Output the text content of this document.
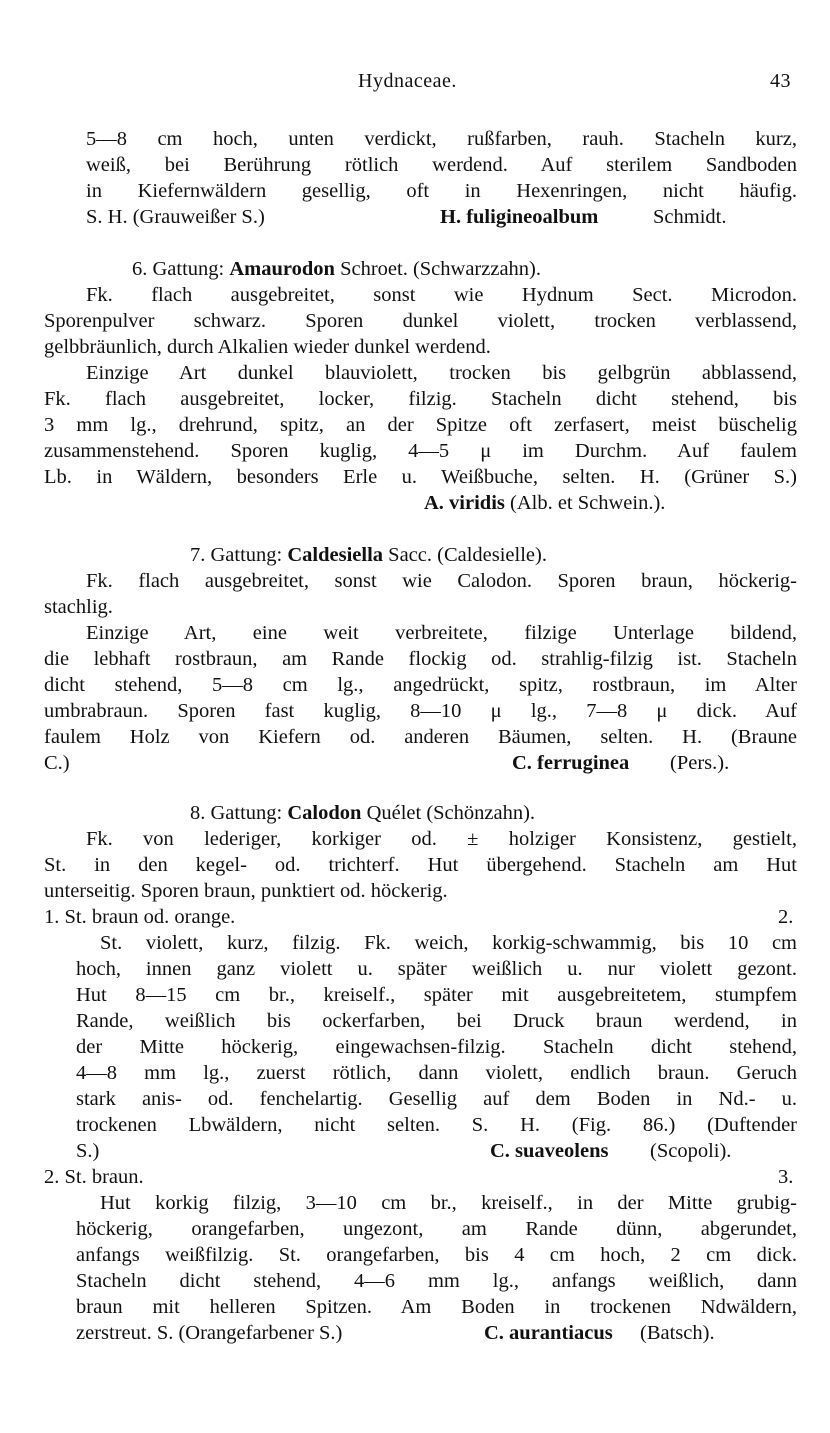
Hydnaceae.	43
5—8 cm hoch, unten verdickt, rußfarben, rauh. Stacheln kurz,
weiß, bei Berührung rötlich werdend. Auf sterilem Sandboden
in Kiefernwäldern gesellig, oft in Hexenringen, nicht häufig.
S. H. (Grauweißer S.)	H. fuligineoalbum	Schmidt.
6. Gattung: Amaurodon Schroet. (Schwarzzahn).
Fk. flach ausgebreitet, sonst wie Hydnum Sect. Microdon.
Sporenpulver schwarz. Sporen dunkel violett, trocken verblassend,
gelbbräunlich, durch Alkalien wieder dunkel werdend.
Einzige Art dunkel blauviolett, trocken bis gelbgrün abblassend,
Fk. flach ausgebreitet, locker, filzig. Stacheln dicht stehend, bis
3 mm lg., drehrund, spitz, an der Spitze oft zerfasert, meist büschelig
zusammenstehend. Sporen kuglig, 4—5 μ im Durchm. Auf faulem
Lb. in Wäldern, besonders Erle u. Weißbuche, selten. H. (Grüner S.)
A. viridis (Alb. et Schwein.).
7. Gattung: Caldesiella Sacc. (Caldesielle).
Fk. flach ausgebreitet, sonst wie Calodon. Sporen braun, höckerig-
stachlig.
Einzige Art, eine weit verbreitete, filzige Unterlage bildend,
die lebhaft rostbraun, am Rande flockig od. strahlig-filzig ist. Stacheln
dicht stehend, 5—8 cm lg., angedrückt, spitz, rostbraun, im Alter
umbrabraun. Sporen fast kuglig, 8—10 μ lg., 7—8 μ dick. Auf
faulem Holz von Kiefern od. anderen Bäumen, selten. H. (Braune
C.)	C. ferruginea (Pers.).
8. Gattung: Calodon Quélet (Schönzahn).
Fk. von lederiger, korkiger od. ± holziger Konsistenz, gestielt,
St. in den kegel- od. trichterf. Hut übergehend. Stacheln am Hut
unterseitig. Sporen braun, punktiert od. höckerig.
1. St. braun od. orange.	2.
St. violett, kurz, filzig. Fk. weich, korkig-schwammig, bis 10 cm
hoch, innen ganz violett u. später weißlich u. nur violett gezont.
Hut 8—15 cm br., kreiself., später mit ausgebreitetem, stumpfem
Rande, weißlich bis ockerfarben, bei Druck braun werdend, in
der Mitte höckerig, eingewachsen-filzig. Stacheln dicht stehend,
4—8 mm lg., zuerst rötlich, dann violett, endlich braun. Geruch
stark anis- od. fenchelartig. Gesellig auf dem Boden in Nd.- u.
trockenen Lbwäldern, nicht selten. S. H. (Fig. 86.) (Duftender
S.)	C. suaveolens (Scopoli).
2. St. braun.	3.
Hut korkig filzig, 3—10 cm br., kreiself., in der Mitte grubig-
höckerig, orangefarben, ungezont, am Rande dünn, abgerundet,
anfangs weißfilzig. St. orangefarben, bis 4 cm hoch, 2 cm dick.
Stacheln dicht stehend, 4—6 mm lg., anfangs weißlich, dann
braun mit helleren Spitzen. Am Boden in trockenen Ndwäldern,
zerstreut. S. (Orangefarbener S.)	C. aurantiacus (Batsch).
